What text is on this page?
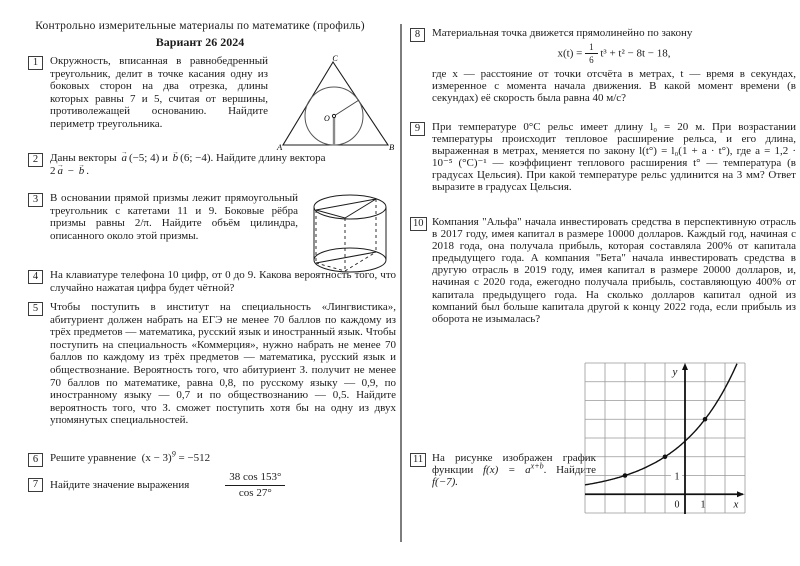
Контрольно измерительные материалы по математике (профиль)
Вариант 26 2024
1	C
A	B
O
Окружность, вписанная в равнобедренный треугольник, делит в точке касания одну из боковых сторон на два отрезка, длины которых равны 7 и 5, считая от вершины, противолежащей основанию. Найдите периметр треугольника.
2	Даны векторы → a (−5; 4) и → b (6; −4). Найдите длину вектора
2 → a − → b .
3	В основании прямой призмы лежит прямоугольный треугольник с катетами 11 и 9. Боковые рёбра призмы равны 2/π. Найдите объём цилиндра, описанного около этой призмы.
4	На клавиатуре телефона 10 цифр, от 0 до 9. Какова вероятность того, что случайно нажатая цифра будет чётной?
5	Чтобы поступить в институт на специальность «Лингвистика», абитуриент должен набрать на ЕГЭ не менее 70 баллов по каждому из трёх предметов — математика, русский язык и иностранный язык. Чтобы поступить на специальность «Коммерция», нужно набрать не менее 70 баллов по каждому из трёх предметов — математика, русский язык и обществознание. Вероятность того, что абитуриент З. получит не менее 70 баллов по математике, равна 0,8, по русскому языку — 0,9, по иностранному языку — 0,7 и по обществознанию — 0,5. Найдите вероятность того, что З. сможет поступить хотя бы на одну из двух упомянутых специальностей.
6	Решите уравнение $(x - 3)^9 = -512$
7	Найдите значение выражения	$\frac{38 \cos 153^\circ}{\cos 27^\circ}$
8	Материальная точка движется прямолинейно по закону
$x(t) = \frac{1}{6} t^3 + t^2 - 8t - 18$,
где x — расстояние от точки отсчёта в метрах, t — время в секундах, измеренное с момента начала движения. В какой момент времени (в секундах) её скорость была равна 40 м/с?
9	При температуре 0°C рельс имеет длину l₀ = 20 м. При возрастании температуры происходит тепловое расширение рельса, и его длина, выраженная в метрах, меняется по закону l(t°) = l₀(1 + a · t°), где a = 1,2 · 10⁻⁵ (°C)⁻¹ — коэффициент теплового расширения t° — температура (в градусах Цельсия). При какой температуре рельс удлинится на 3 мм? Ответ выразите в градусах Цельсия.
10 Компания "Альфа" начала инвестировать средства в перспективную отрасль в 2017 году, имея капитал в размере 10000 долларов. Каждый год, начиная с 2018 года, она получала прибыль, которая составляла 200% от капитала предыдущего года. А компания "Бета" начала инвестировать средства в другую отрасль в 2019 году, имея капитал в размере 20000 долларов, и, начиная с 2020 года, ежегодно получала прибыль, составляющую 400% от капитала предыдущего года. На сколько долларов капитал одной из компаний был больше капитала другой к концу 2022 года, если прибыль из оборота не изымалась?
11 На рисунке изображен график функции $f(x) = a^{x+b}$. Найдите f(−7).
y
x
0 1
1
